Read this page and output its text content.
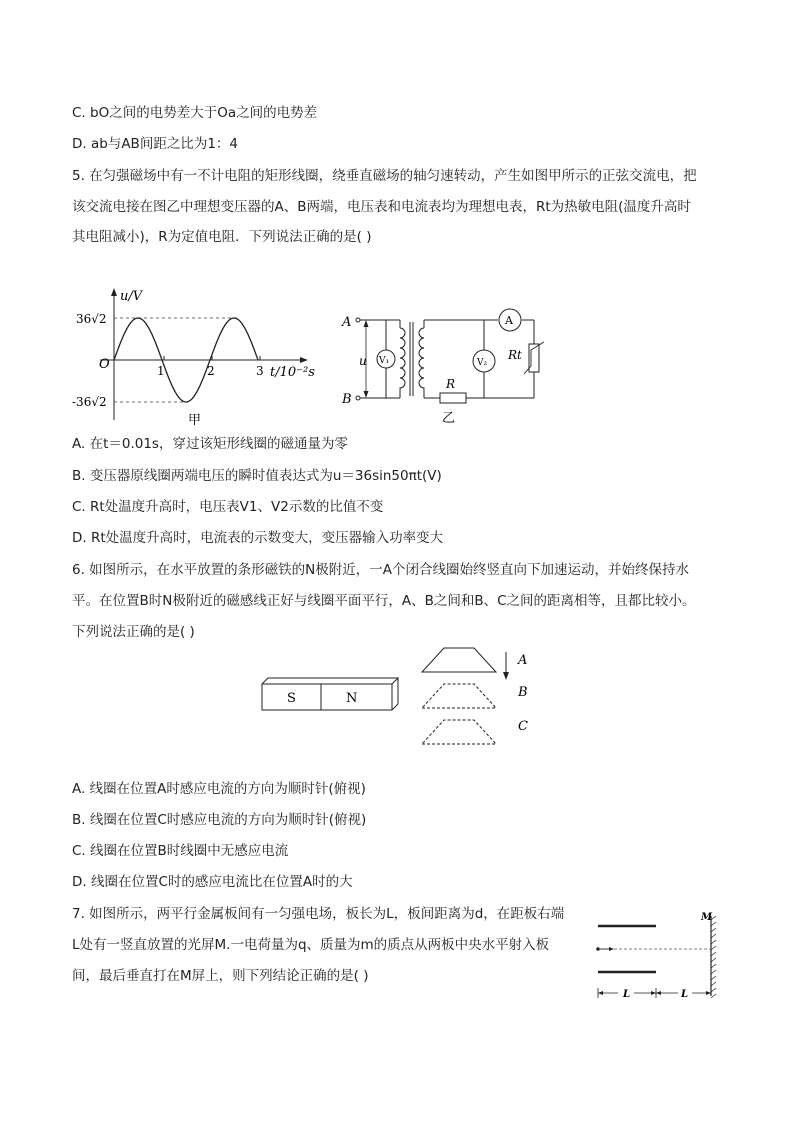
C. bO之间的电势差大于Oa之间的电势差
D. ab与AB间距之比为1：4
5. 在匀强磁场中有一不计电阻的矩形线圈，绕垂直磁场的轴匀速转动，产生如图甲所示的正弦交流电，把
该交流电接在图乙中理想变压器的A、B两端，电压表和电流表均为理想电表，Rt为热敏电阻(温度升高时
其电阻减小)，R为定值电阻．下列说法正确的是( )
u/V
36√2
-36√2
O	1	2	3 t/10⁻²s
甲
A
B
u V₁	V₂
A
Rt
R
乙
A. 在t＝0.01s，穿过该矩形线圈的磁通量为零
B. 变压器原线圈两端电压的瞬时值表达式为u＝36sin50πt(V)
C. Rt处温度升高时，电压表V1、V2示数的比值不变
D. Rt处温度升高时，电流表的示数变大，变压器输入功率变大
6. 如图所示，在水平放置的条形磁铁的N极附近，一A个闭合线圈始终竖直向下加速运动，并始终保持水
平。在位置B时N极附近的磁感线正好与线圈平面平行，A、B之间和B、C之间的距离相等，且都比较小。
下列说法正确的是( )
S	N
A
B
C
A. 线圈在位置A时感应电流的方向为顺时针(俯视)
B. 线圈在位置C时感应电流的方向为顺时针(俯视)
C. 线圈在位置B时线圈中无感应电流
D. 线圈在位置C时的感应电流比在位置A时的大
7. 如图所示，两平行金属板间有一匀强电场，板长为L，板间距离为d，在距板右端
L处有一竖直放置的光屏M.一电荷量为q、质量为m的质点从两板中央水平射入板
间，最后垂直打在M屏上，则下列结论正确的是( )
M
L	L
